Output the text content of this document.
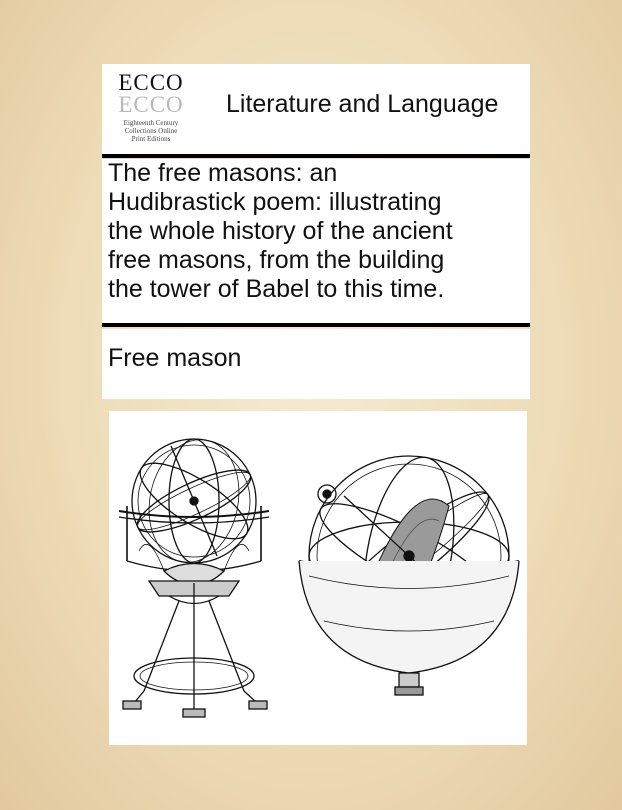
ECCO
ECCO
Eighteenth Century
Collections Online
Print Editions
Literature and Language
The free masons: an
Hudibrastick poem: illustrating
the whole history of the ancient
free masons, from the building
the tower of Babel to this time.
Free mason
